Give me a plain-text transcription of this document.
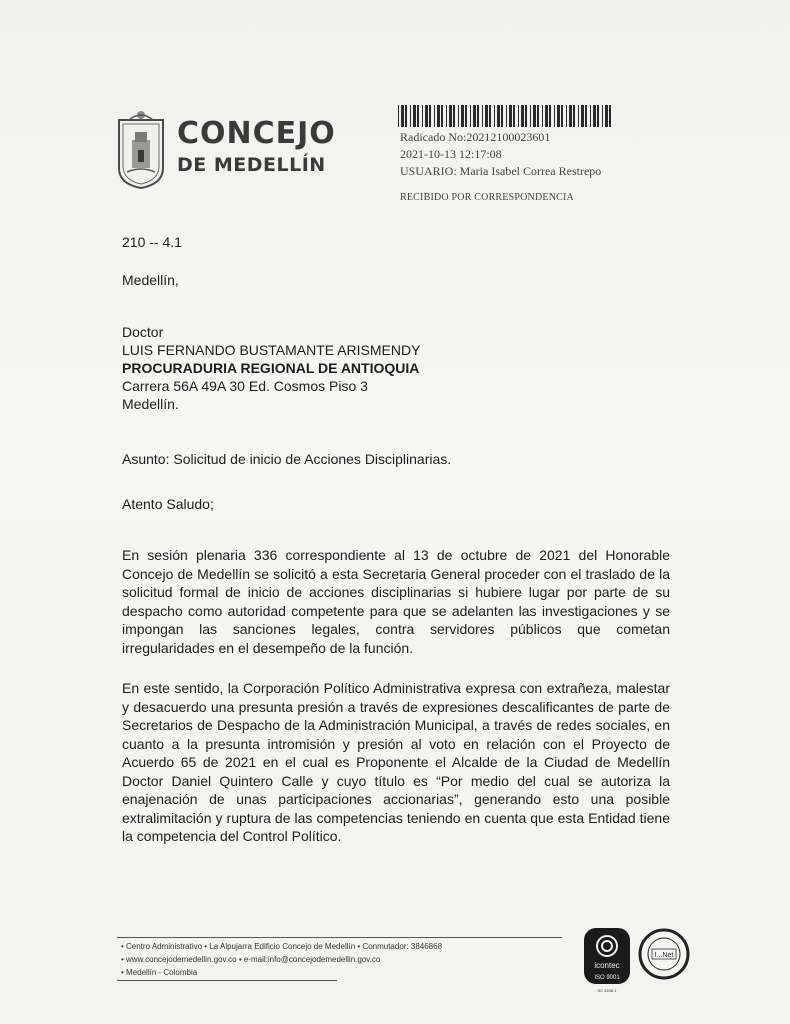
CONCEJO
DE MEDELLÍN
Radicado No:20212100023601
2021-10-13 12:17:08
USUARIO: Maria Isabel Correa Restrepo
RECIBIDO POR CORRESPONDENCIA
210 -- 4.1
Medellín,
Doctor
LUIS FERNANDO BUSTAMANTE ARISMENDY
PROCURADURIA REGIONAL DE ANTIOQUIA
Carrera 56A 49A 30 Ed. Cosmos Piso 3
Medellín.
Asunto: Solicitud de inicio de Acciones Disciplinarias.
Atento Saludo;
En sesión plenaria 336 correspondiente al 13 de octubre de 2021 del Honorable Concejo de Medellín se solicitó a esta Secretaria General proceder con el traslado de la solicitud formal de inicio de acciones disciplinarias si hubiere lugar por parte de su despacho como autoridad competente para que se adelanten las investigaciones y se impongan las sanciones legales, contra servidores públicos que cometan irregularidades en el desempeño de la función.
En este sentido, la Corporación Político Administrativa expresa con extrañeza, malestar y desacuerdo una presunta presión a través de expresiones descalificantes de parte de Secretarios de Despacho de la Administración Municipal, a través de redes sociales, en cuanto a la presunta intromisión y presión al voto en relación con el Proyecto de Acuerdo 65 de 2021 en el cual es Proponente el Alcalde de la Ciudad de Medellín Doctor Daniel Quintero Calle y cuyo título es “Por medio del cual se autoriza la enajenación de unas participaciones accionarias”, generando esto una posible extralimitación y ruptura de las competencias teniendo en cuenta que esta Entidad tiene la competencia del Control Político.
• Centro Administrativo • La Alpujarra Edificio Concejo de Medellín • Conmutador: 3846868
• www.concejodemedellin.gov.co • e-mail:info@concejodemedellin.gov.co
• Medellín - Colombia
icontec
ISO 9001
SC 3408-1
I...Net
